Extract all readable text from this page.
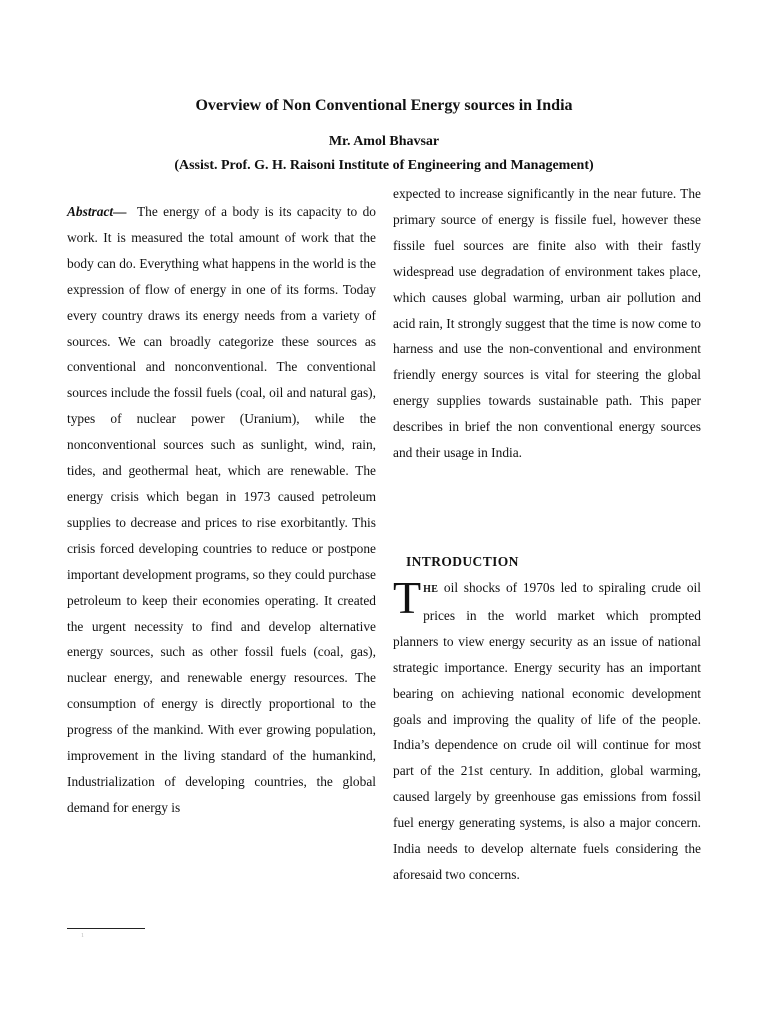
Overview of Non Conventional Energy sources in India
Mr. Amol Bhavsar
(Assist. Prof. G. H. Raisoni Institute of Engineering and Management)
Abstract— The energy of a body is its capacity to do work. It is measured the total amount of work that the body can do. Everything what happens in the world is the expression of flow of energy in one of its forms. Today every country draws its energy needs from a variety of sources. We can broadly categorize these sources as conventional and nonconventional. The conventional sources include the fossil fuels (coal, oil and natural gas), types of nuclear power (Uranium), while the nonconventional sources such as sunlight, wind, rain, tides, and geothermal heat, which are renewable. The energy crisis which began in 1973 caused petroleum supplies to decrease and prices to rise exorbitantly. This crisis forced developing countries to reduce or postpone important development programs, so they could purchase petroleum to keep their economies operating. It created the urgent necessity to find and develop alternative energy sources, such as other fossil fuels (coal, gas), nuclear energy, and renewable energy resources. The consumption of energy is directly proportional to the progress of the mankind. With ever growing population, improvement in the living standard of the humankind, Industrialization of developing countries, the global demand for energy is
expected to increase significantly in the near future. The primary source of energy is fissile fuel, however these fissile fuel sources are finite also with their fastly widespread use degradation of environment takes place, which causes global warming, urban air pollution and acid rain, It strongly suggest that the time is now come to harness and use the non-conventional and environment friendly energy sources is vital for steering the global energy supplies towards sustainable path. This paper describes in brief the non conventional energy sources and their usage in India.
INTRODUCTION
THE oil shocks of 1970s led to spiraling crude oil prices in the world market which prompted planners to view energy security as an issue of national strategic importance. Energy security has an important bearing on achieving national economic development goals and improving the quality of life of the people. India’s dependence on crude oil will continue for most part of the 21st century. In addition, global warming, caused largely by greenhouse gas emissions from fossil fuel energy generating systems, is also a major concern. India needs to develop alternate fuels considering the aforesaid two concerns.
1
